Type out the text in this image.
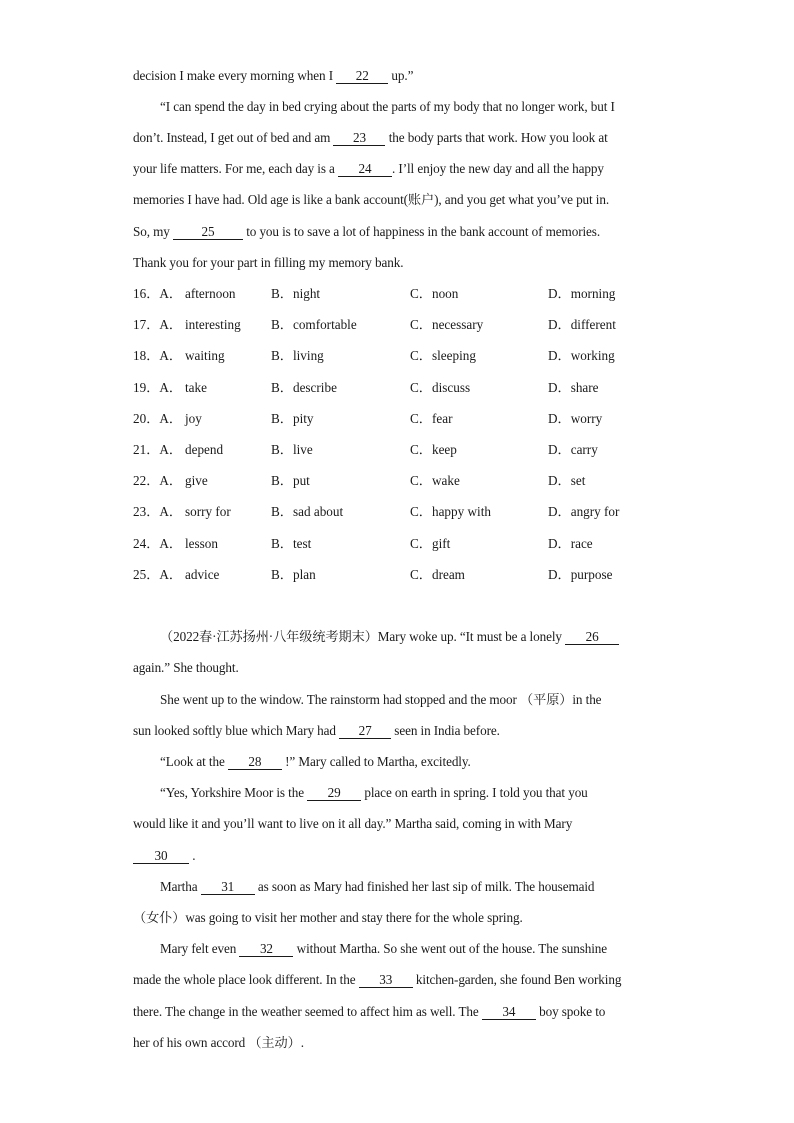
decision I make every morning when I 22 up.”
“I can spend the day in bed crying about the parts of my body that no longer work, but I
don’t. Instead, I get out of bed and am 23 the body parts that work. How you look at
your life matters. For me, each day is a 24 . I’ll enjoy the new day and all the happy
memories I have had. Old age is like a bank account(账户), and you get what you’ve put in.
So, my 25 to you is to save a lot of happiness in the bank account of memories.
Thank you for your part in filling my memory bank.
16．A． afternoon	B．night	C．noon	D．morning
17．A． interesting B．comfortable	C．necessary	D．different
18．A． waiting	B．living	C．sleeping	D．working
19．A． take	B．describe	C．discuss	D．share
20．A． joy	B．pity	C．fear	D．worry
21．A． depend	B．live	C．keep	D．carry
22．A． give	B．put	C．wake	D．set
23．A． sorry for	B．sad about	C．happy with	D．angry for
24．A． lesson	B．test	C．gift	D．race
25．A． advice	B．plan	C．dream	D．purpose
（2022春·江苏扬州·八年级统考期末）Mary woke up. “It must be a lonely 26
again.” She thought.
She went up to the window. The rainstorm had stopped and the moor （平原）in the
sun looked softly blue which Mary had 27 seen in India before.
“Look at the 28 !” Mary called to Martha, excitedly.
“Yes, Yorkshire Moor is the 29 place on earth in spring. I told you that you
would like it and you’ll want to live on it all day.” Martha said, coming in with Mary
30 .
Martha 31 as soon as Mary had finished her last sip of milk. The housemaid
（女仆）was going to visit her mother and stay there for the whole spring.
Mary felt even 32 without Martha. So she went out of the house. The sunshine
made the whole place look different. In the 33 kitchen-garden, she found Ben working
there. The change in the weather seemed to affect him as well. The 34 boy spoke to
her of his own accord （主动）.
